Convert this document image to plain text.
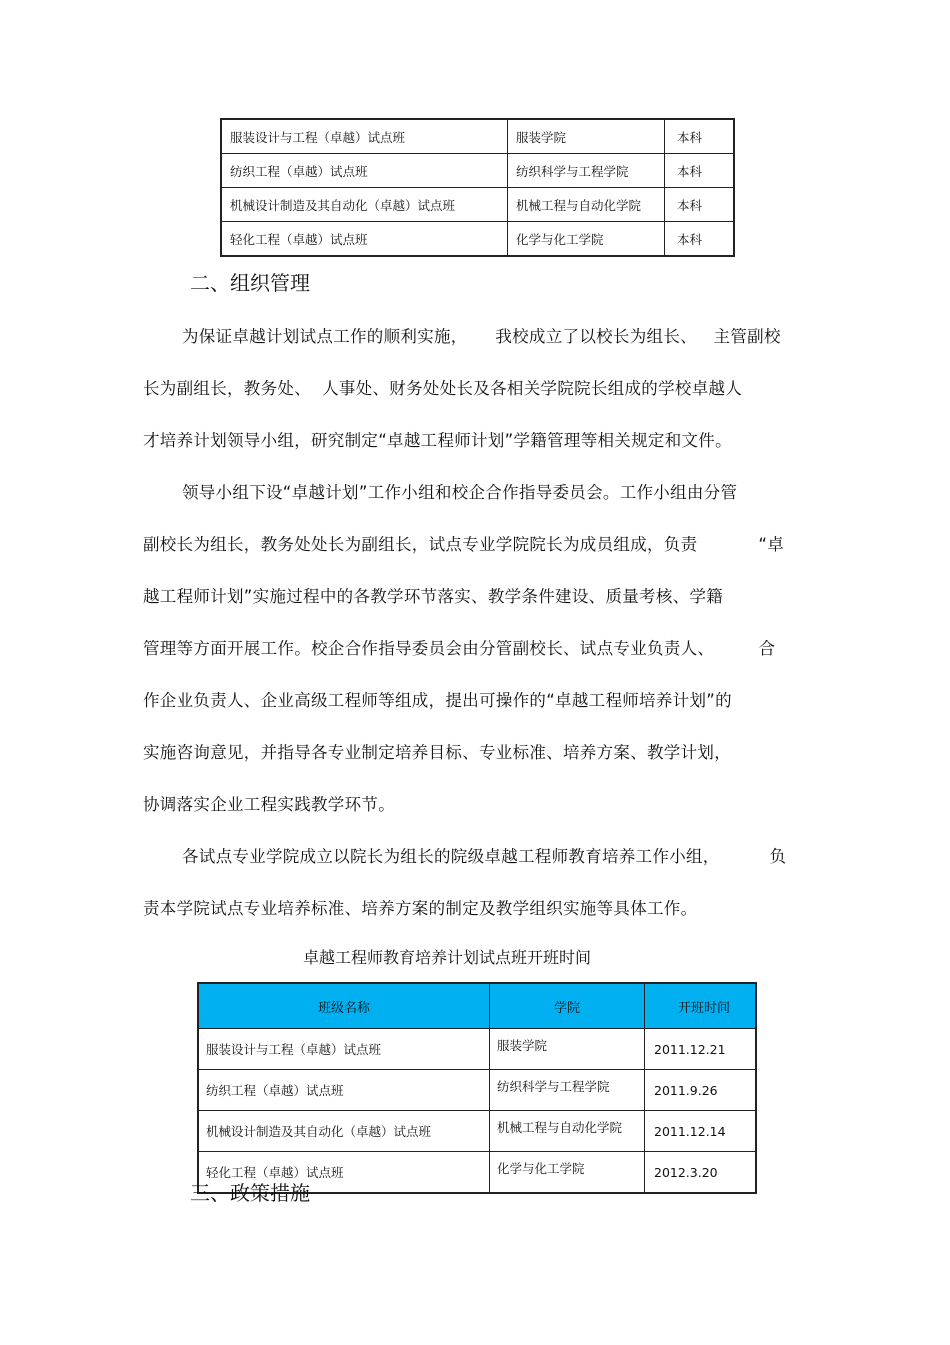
服装设计与工程（卓越）试点班	服装学院	本科
纺织工程（卓越）试点班	纺织科学与工程学院	本科
机械设计制造及其自动化（卓越）试点班	机械工程与自动化学院	本科
轻化工程（卓越）试点班	化学与化工学院	本科
二、组织管理
为保证卓越计划试点工作的顺利实施，     我校成立了以校长为组长、   主管副校
长为副组长，教务处、  人事处、财务处处长及各相关学院院长组成的学校卓越人
才培养计划领导小组，研究制定“卓越工程师计划”学籍管理等相关规定和文件。
领导小组下设“卓越计划”工作小组和校企合作指导委员会。工作小组由分管
副校长为组长，教务处处长为副组长，试点专业学院院长为成员组成，负责           “卓
越工程师计划”实施过程中的各教学环节落实、教学条件建设、质量考核、学籍
管理等方面开展工作。校企合作指导委员会由分管副校长、试点专业负责人、        合
作企业负责人、企业高级工程师等组成，提出可操作的“卓越工程师培养计划”的
实施咨询意见，并指导各专业制定培养目标、专业标准、培养方案、教学计划，
协调落实企业工程实践教学环节。
各试点专业学院成立以院长为组长的院级卓越工程师教育培养工作小组，         负
责本学院试点专业培养标准、培养方案的制定及教学组织实施等具体工作。
卓越工程师教育培养计划试点班开班时间
班级名称	学院	开班时间
服装设计与工程（卓越）试点班	服装学院	2011.12.21
纺织工程（卓越）试点班	纺织科学与工程学院	2011.9.26
机械设计制造及其自动化（卓越）试点班	机械工程与自动化学院	2011.12.14
轻化工程（卓越）试点班	化学与化工学院	2012.3.20
三、政策措施
